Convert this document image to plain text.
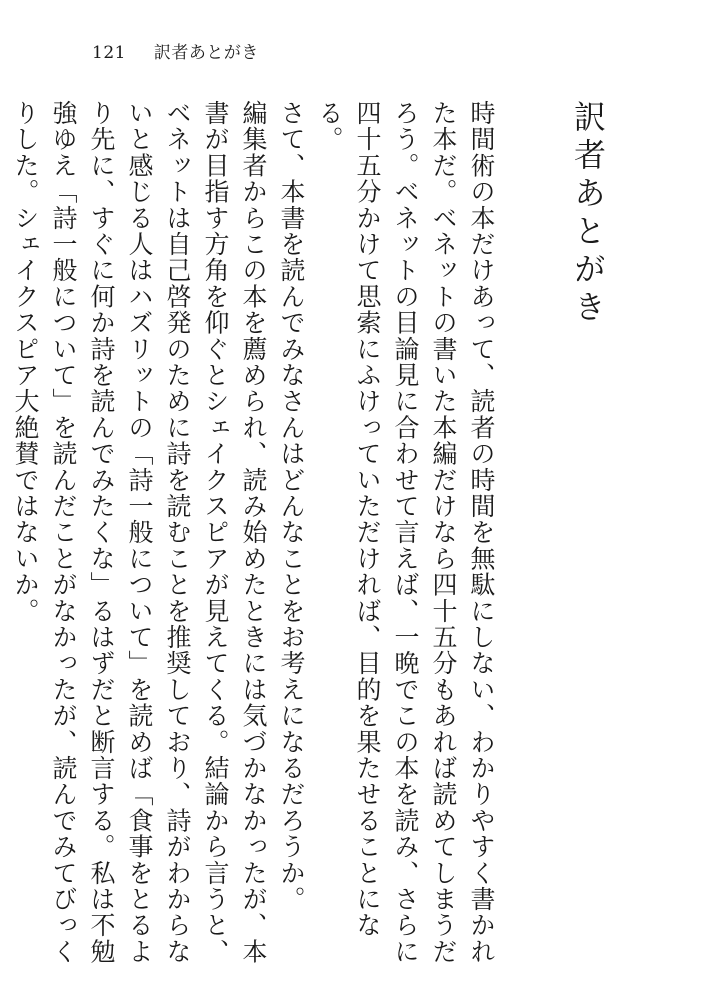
121 訳者あとがき
訳者あとがき

時間術の本だけあって、読者の時間を無駄にしない、わかりやすく書かれた本だ。ベネットの書いた本編だけなら四十五分もあれば読めてしまうだろう。ベネットの目論見に合わせて言えば、一晩でこの本を読み、さらに四十五分かけて思索にふけっていただければ、目的を果たせることになる。

さて、本書を読んでみなさんはどんなことをお考えになるだろうか。

編集者からこの本を薦められ、読み始めたときには気づかなかったが、本書が目指す方角を仰ぐとシェイクスピアが見えてくる。結論から言うと、ベネットは自己啓発のために詩を読むことを推奨しており、詩がわからないと感じる人はハズリットの「詩一般について」を読めば「食事をとるより先に、すぐに何か詩を読んでみたくな」るはずだと断言する。私は不勉強ゆえ「詩一般について」を読んだことがなかったが、読んでみてびっくりした。シェイクスピア大絶賛ではないか。
